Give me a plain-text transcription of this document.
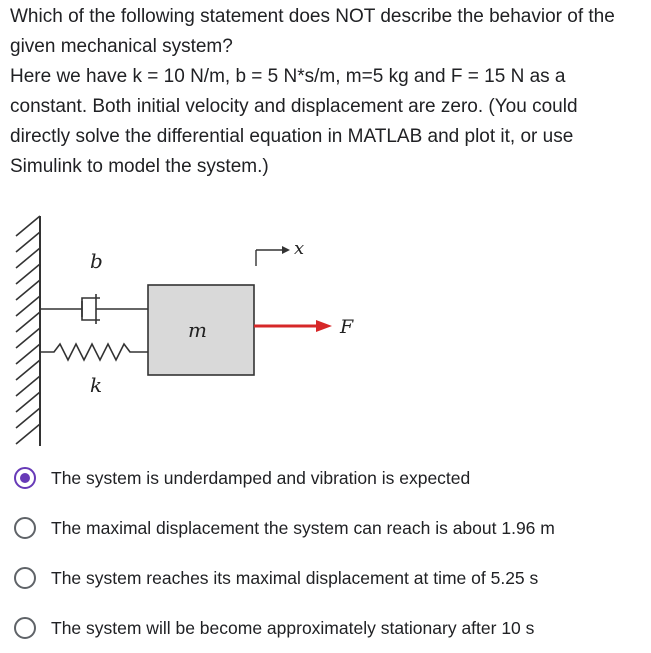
Which of the following statement does NOT describe the behavior of the

given mechanical system?

Here we have k = 10 N/m, b = 5 N*s/m, m=5 kg and F = 15 N as a

constant. Both initial velocity and displacement are zero. (You could

directly solve the differential equation in MATLAB and plot it, or use

Simulink to model the system.)

b
k
m	F
x
The system is underdamped and vibration is expected
The maximal displacement the system can reach is about 1.96 m
The system reaches its maximal displacement at time of 5.25 s
The system will be become approximately stationary after 10 s
